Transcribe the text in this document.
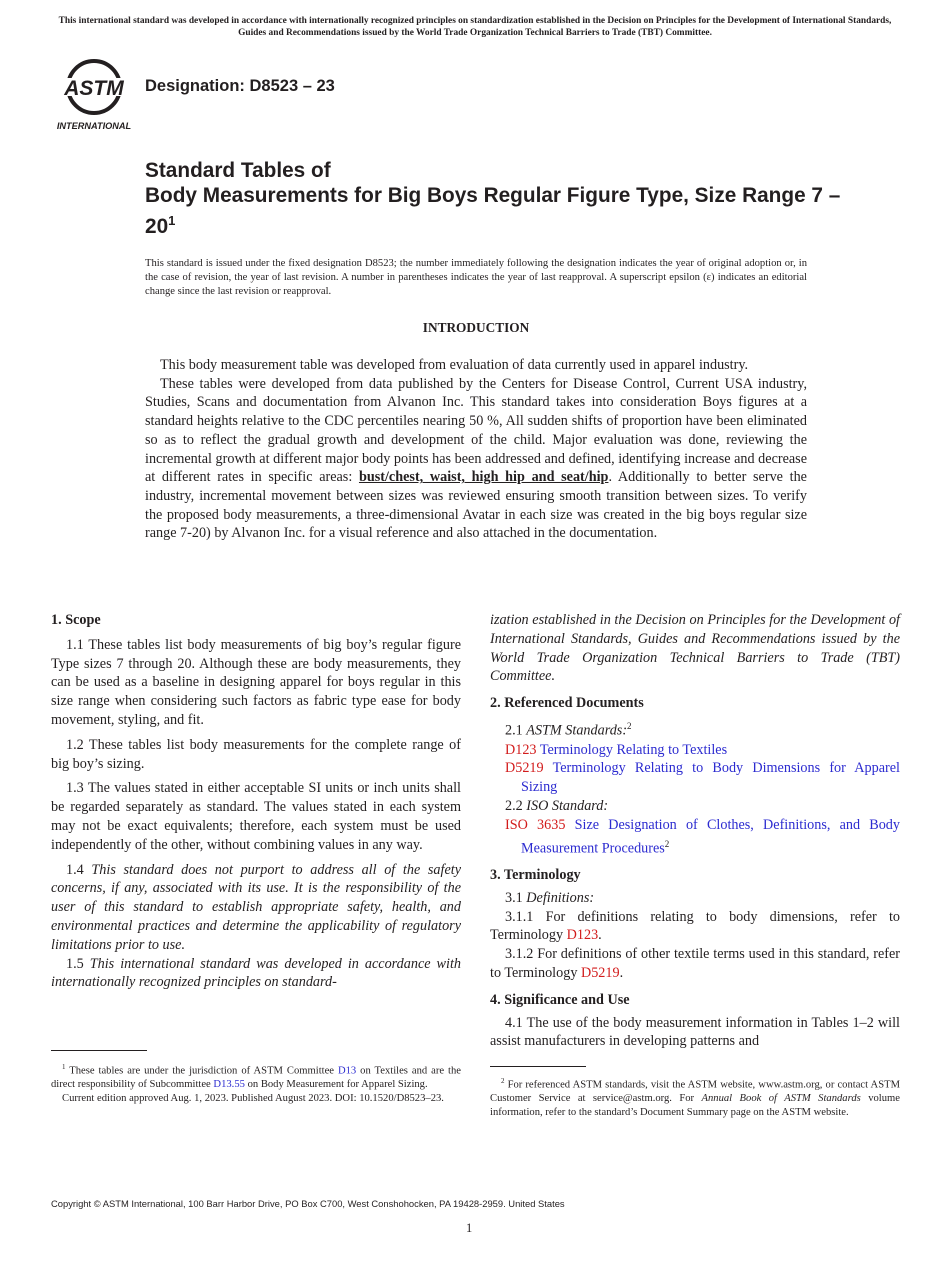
This international standard was developed in accordance with internationally recognized principles on standardization established in the Decision on Principles for the Development of International Standards, Guides and Recommendations issued by the World Trade Organization Technical Barriers to Trade (TBT) Committee.
ASTM
INTERNATIONAL
Designation: D8523 – 23
Standard Tables of
Body Measurements for Big Boys Regular Figure Type, Size Range $7 - 20^1$
This standard is issued under the fixed designation D8523; the number immediately following the designation indicates the year of original adoption or, in the case of revision, the year of last revision. A number in parentheses indicates the year of last reapproval. A superscript epsilon (ε) indicates an editorial change since the last revision or reapproval.
INTRODUCTION

This body measurement table was developed from evaluation of data currently used in apparel industry.

These tables were developed from data published by the Centers for Disease Control, Current USA industry, Studies, Scans and documentation from Alvanon Inc. This standard takes into consideration Boys figures at a standard heights relative to the CDC percentiles nearing 50 %, All sudden shifts of proportion have been eliminated so as to reflect the gradual growth and development of the child. Major evaluation was done, reviewing the incremental growth at different major body points has been addressed and defined, identifying increase and decrease at different rates in specific areas: bust/chest, waist, high hip and seat/hip. Additionally to better serve the industry, incremental movement between sizes was reviewed ensuring smooth transition between sizes. To verify the proposed body measurements, a three-dimensional Avatar in each size was created in the big boys regular size range 7-20) by Alvanon Inc. for a visual reference and also attached in the documentation.

1. Scope

1.1 These tables list body measurements of big boy’s regular figure Type sizes 7 through 20. Although these are body measurements, they can be used as a baseline in designing apparel for boys regular in this size range when considering such factors as fabric type ease for body movement, styling, and fit.

1.2 These tables list body measurements for the complete range of big boy’s sizing.

1.3 The values stated in either acceptable SI units or inch units shall be regarded separately as standard. The values stated in each system may not be exact equivalents; therefore, each system must be used independently of the other, without combining values in any way.

1.4 This standard does not purport to address all of the safety concerns, if any, associated with its use. It is the responsibility of the user of this standard to establish appropriate safety, health, and environmental practices and determine the applicability of regulatory limitations prior to use.

1.5 This international standard was developed in accordance with internationally recognized principles on standard-

$^1$ These tables are under the jurisdiction of ASTM Committee D13 on Textiles and are the direct responsibility of Subcommittee D13.55 on Body Measurement for Apparel Sizing.

Current edition approved Aug. 1, 2023. Published August 2023. DOI: 10.1520/D8523–23.

ization established in the Decision on Principles for the Development of International Standards, Guides and Recommendations issued by the World Trade Organization Technical Barriers to Trade (TBT) Committee.

2. Referenced Documents

2.1 ASTM Standards:$^2$

D123 Terminology Relating to Textiles

D5219 Terminology Relating to Body Dimensions for Apparel Sizing

2.2 ISO Standard:

ISO 3635 Size Designation of Clothes, Definitions, and Body Measurement Procedures$^2$

3. Terminology

3.1 Definitions:

3.1.1 For definitions relating to body dimensions, refer to Terminology D123.

3.1.2 For definitions of other textile terms used in this standard, refer to Terminology D5219.

4. Significance and Use

4.1 The use of the body measurement information in Tables 1–2 will assist manufacturers in developing patterns and

$^2$ For referenced ASTM standards, visit the ASTM website, www.astm.org, or contact ASTM Customer Service at service@astm.org. For Annual Book of ASTM Standards volume information, refer to the standard’s Document Summary page on the ASTM website.

Copyright © ASTM International, 100 Barr Harbor Drive, PO Box C700, West Conshohocken, PA 19428-2959. United States
1
